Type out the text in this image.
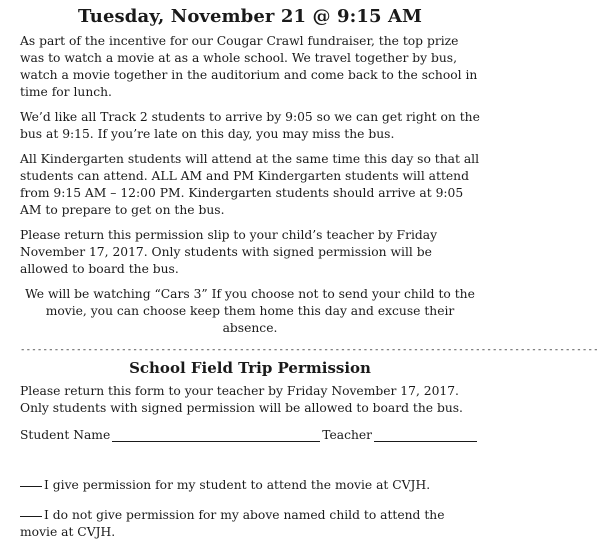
Tuesday, November 21 @ 9:15 AM

As part of the incentive for our Cougar Crawl fundraiser, the top prize was to watch a movie at as a whole school. We travel together by bus, watch a movie together in the auditorium and come back to the school in time for lunch.

We’d like all Track 2 students to arrive by 9:05 so we can get right on the bus at 9:15. If you’re late on this day, you may miss the bus.

All Kindergarten students will attend at the same time this day so that all students can attend. ALL AM and PM Kindergarten students will attend from 9:15 AM – 12:00 PM. Kindergarten students should arrive at 9:05 AM to prepare to get on the bus.

Please return this permission slip to your child’s teacher by Friday November 17, 2017. Only students with signed permission will be allowed to board the bus.

We will be watching “Cars 3” If you choose not to send your child to the movie, you can choose keep them home this day and excuse their absence.

-------------------------------------------------------------------------------------------------------
School Field Trip Permission

Please return this form to your teacher by Friday November 17, 2017. Only students with signed permission will be allowed to board the bus.

Student Name	Teacher
I give permission for my student to attend the movie at CVJH.
I do not give permission for my above named child to attend the movie at CVJH.
